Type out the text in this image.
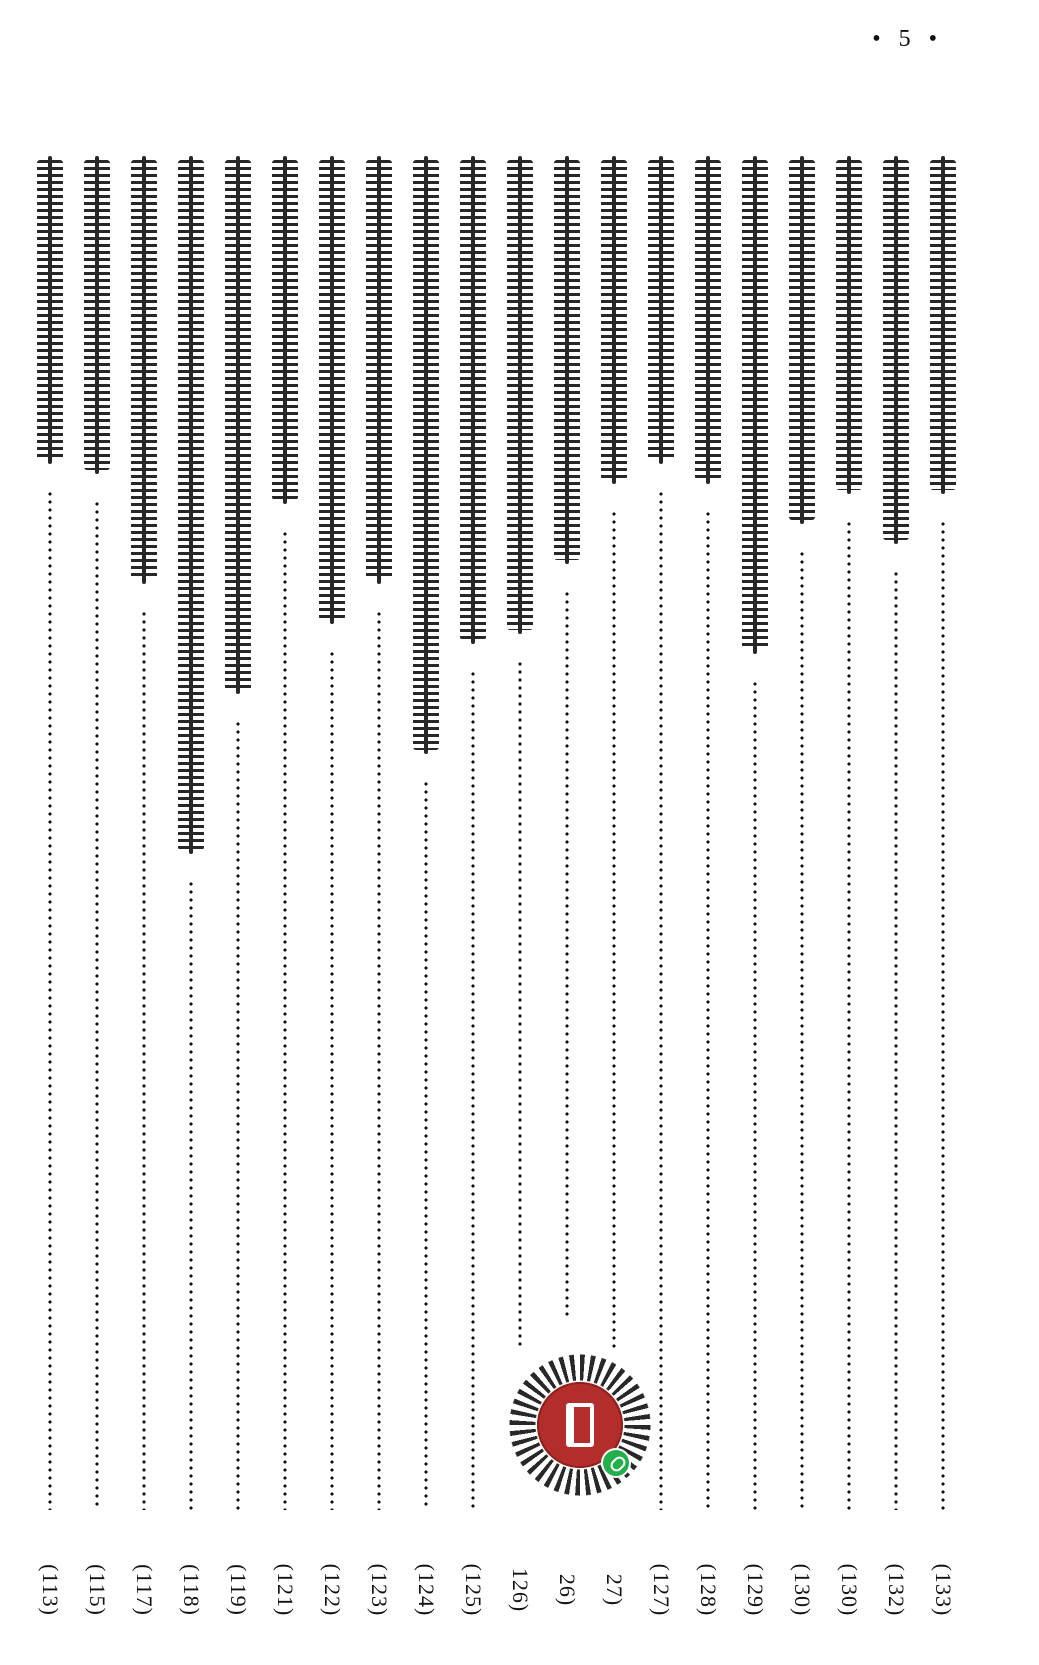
• 5 •
(113) (115) (117) (118) (119) (121) (122) (123) (124) (125) 126) 26) 27) (127) (128) (129) (130) (130) (132) (133)
